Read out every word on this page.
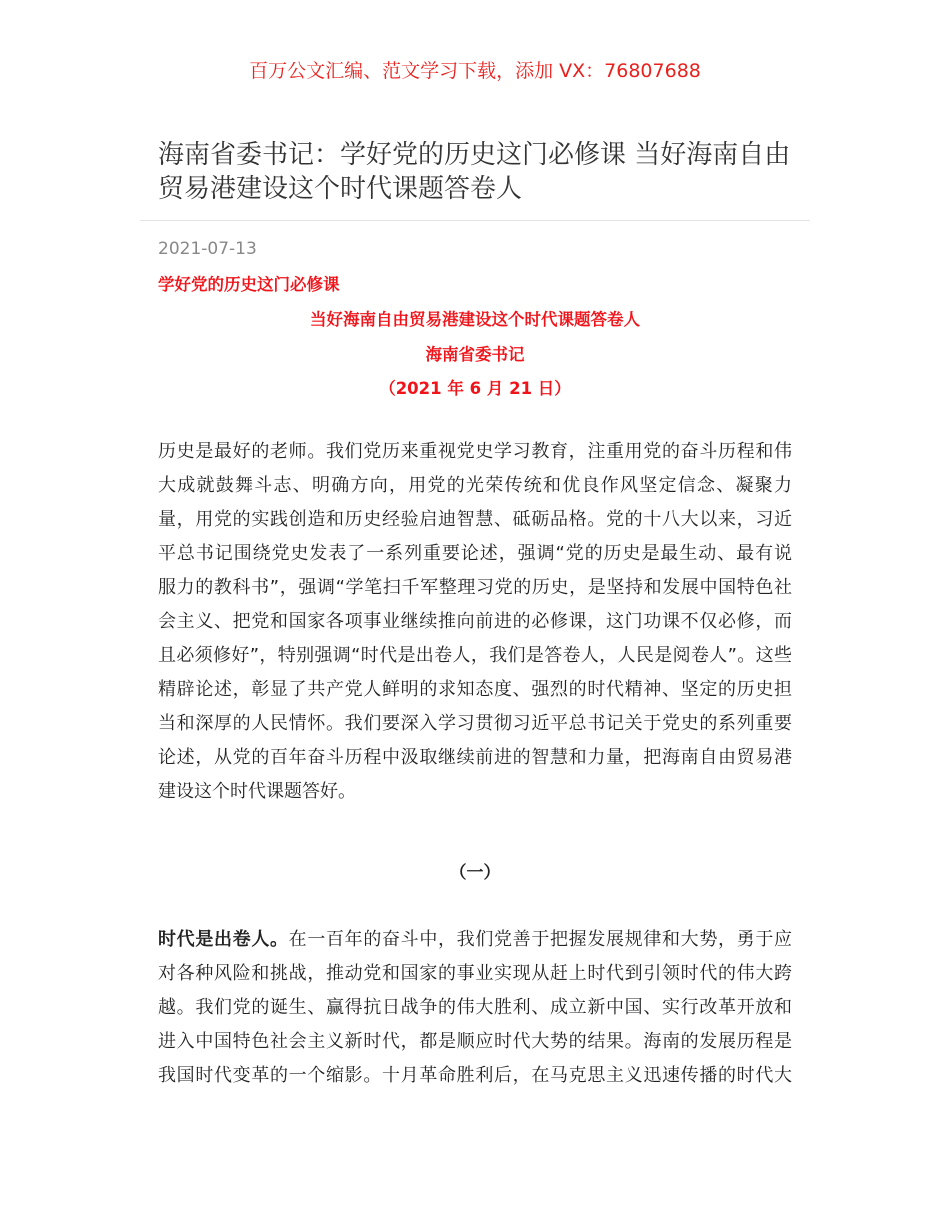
百万公文汇编、范文学习下载，添加 VX：76807688
海南省委书记：学好党的历史这门必修课 当好海南自由贸易港建设这个时代课题答卷人
2021-07-13
学好党的历史这门必修课
当好海南自由贸易港建设这个时代课题答卷人
海南省委书记
（2021 年 6 月 21 日）
历史是最好的老师。我们党历来重视党史学习教育，注重用党的奋斗历程和伟
大成就鼓舞斗志、明确方向，用党的光荣传统和优良作风坚定信念、凝聚力
量，用党的实践创造和历史经验启迪智慧、砥砺品格。党的十八大以来，习近
平总书记围绕党史发表了一系列重要论述，强调“党的历史是最生动、最有说
服力的教科书”，强调“学笔扫千军整理习党的历史，是坚持和发展中国特色社
会主义、把党和国家各项事业继续推向前进的必修课，这门功课不仅必修，而
且必须修好”，特别强调“时代是出卷人，我们是答卷人，人民是阅卷人”。这些
精辟论述，彰显了共产党人鲜明的求知态度、强烈的时代精神、坚定的历史担
当和深厚的人民情怀。我们要深入学习贯彻习近平总书记关于党史的系列重要
论述，从党的百年奋斗历程中汲取继续前进的智慧和力量，把海南自由贸易港
建设这个时代课题答好。
（一）
时代是出卷人。在一百年的奋斗中，我们党善于把握发展规律和大势，勇于应
对各种风险和挑战，推动党和国家的事业实现从赶上时代到引领时代的伟大跨
越。我们党的诞生、赢得抗日战争的伟大胜利、成立新中国、实行改革开放和
进入中国特色社会主义新时代，都是顺应时代大势的结果。海南的发展历程是
我国时代变革的一个缩影。十月革命胜利后，在马克思主义迅速传播的时代大
